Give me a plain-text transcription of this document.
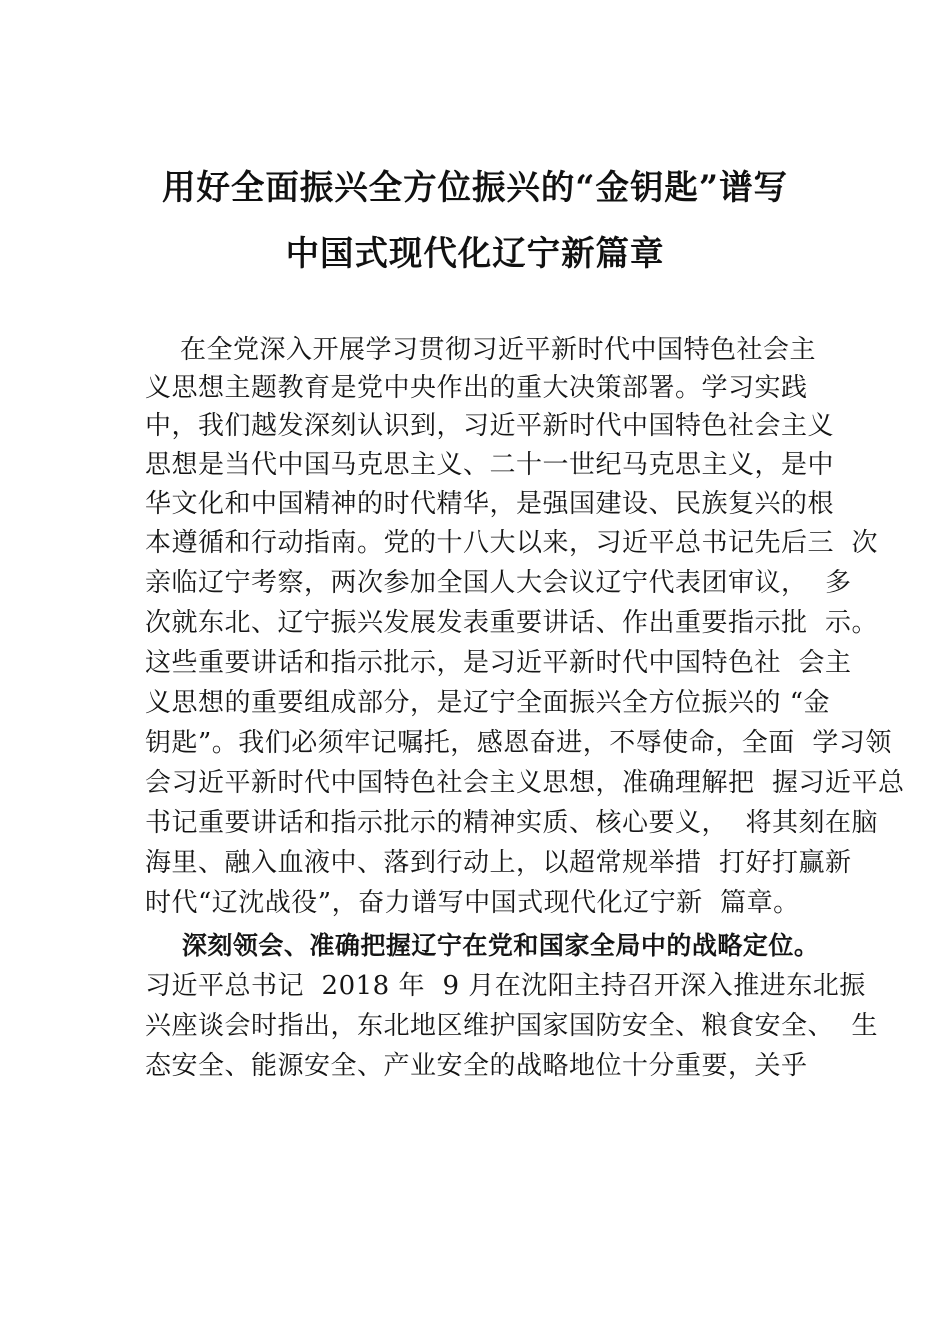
用好全面振兴全方位振兴的“金钥匙”谱写
中国式现代化辽宁新篇章
在全党深入开展学习贯彻习近平新时代中国特色社会主
义思想主题教育是党中央作出的重大决策部署。学习实践
中，我们越发深刻认识到，习近平新时代中国特色社会主义
思想是当代中国马克思主义、二十一世纪马克思主义，是中
华文化和中国精神的时代精华，是强国建设、民族复兴的根
本遵循和行动指南。党的十八大以来，习近平总书记先后三  次
亲临辽宁考察，两次参加全国人大会议辽宁代表团审议，  多
次就东北、辽宁振兴发展发表重要讲话、作出重要指示批  示。
这些重要讲话和指示批示，是习近平新时代中国特色社  会主
义思想的重要组成部分，是辽宁全面振兴全方位振兴的 “金
钥匙”。我们必须牢记嘱托，感恩奋进，不辱使命，全面  学习领
会习近平新时代中国特色社会主义思想，准确理解把  握习近平总
书记重要讲话和指示批示的精神实质、核心要义，  将其刻在脑
海里、融入血液中、落到行动上，以超常规举措  打好打赢新
时代“辽沈战役”，奋力谱写中国式现代化辽宁新  篇章。
深刻领会、准确把握辽宁在党和国家全局中的战略定位。
习近平总书记  2018 年  9 月在沈阳主持召开深入推进东北振
兴座谈会时指出，东北地区维护国家国防安全、粮食安全、  生
态安全、能源安全、产业安全的战略地位十分重要，关乎
